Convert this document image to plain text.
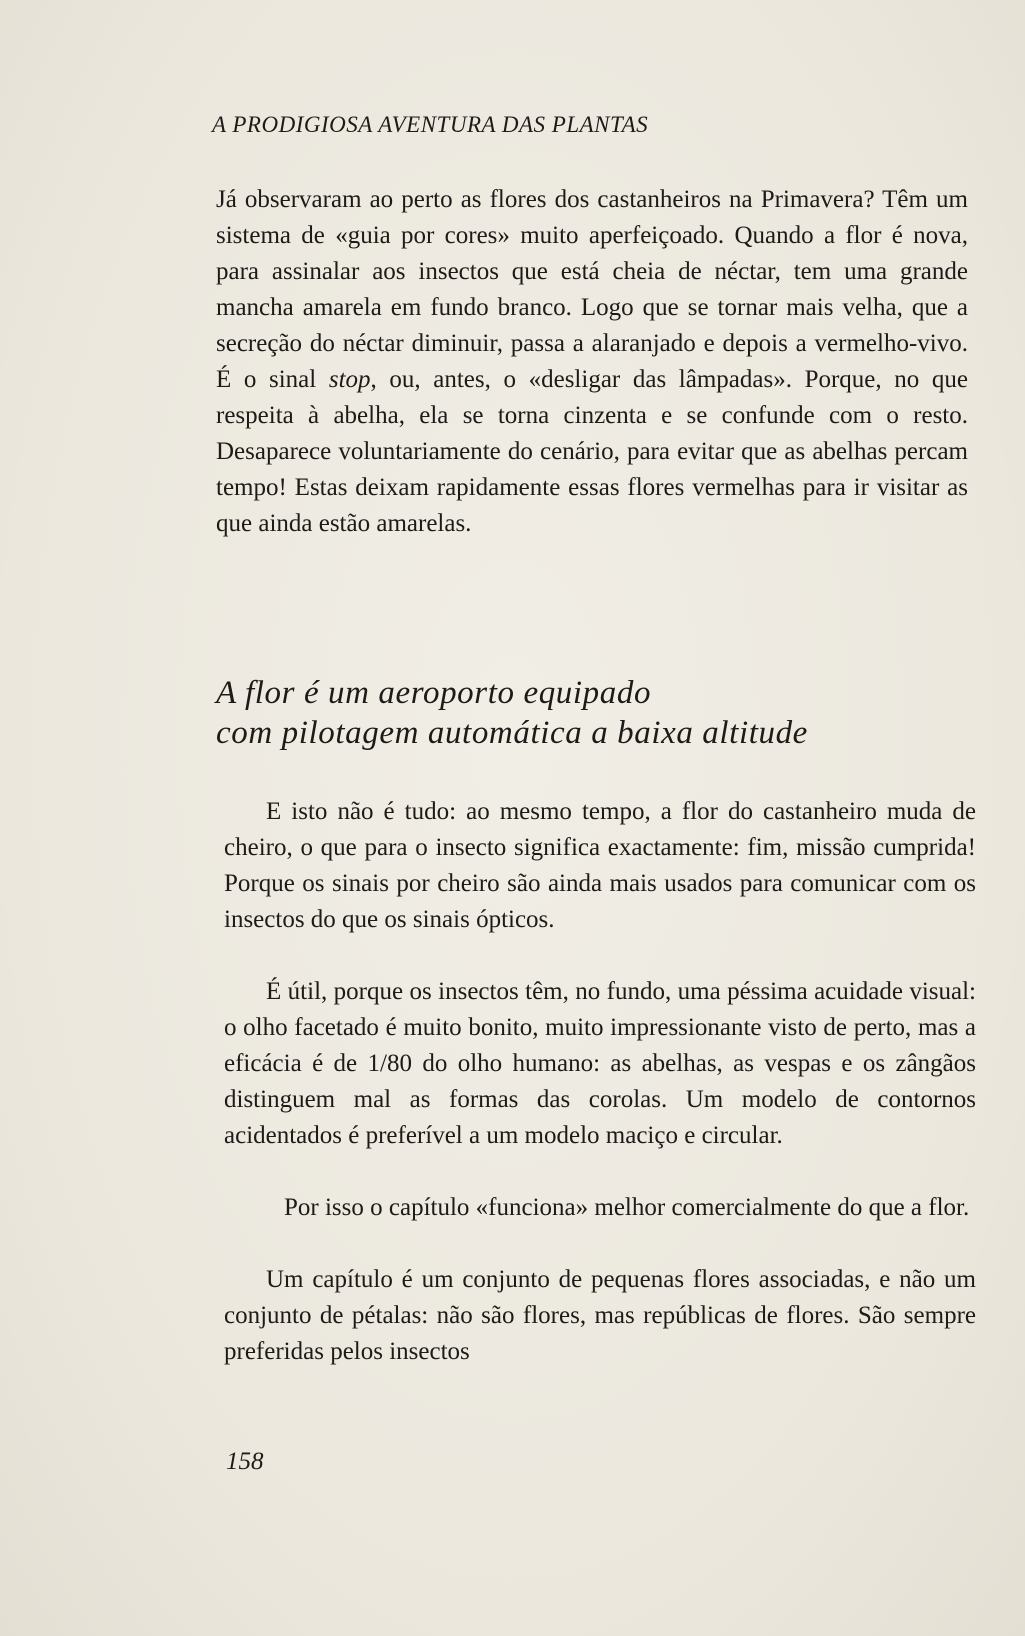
A PRODIGIOSA AVENTURA DAS PLANTAS

Já observaram ao perto as flores dos castanheiros na Primavera? Têm um sistema de «guia por cores» muito aperfeiçoado. Quando a flor é nova, para assinalar aos insectos que está cheia de néctar, tem uma grande mancha amarela em fundo branco. Logo que se tornar mais velha, que a secreção do néctar diminuir, passa a alaranjado e depois a vermelho-vivo. É o sinal stop, ou, antes, o «desligar das lâmpadas». Porque, no que respeita à abelha, ela se torna cinzenta e se confunde com o resto. Desaparece voluntariamente do cenário, para evitar que as abelhas percam tempo! Estas deixam rapidamente essas flores vermelhas para ir visitar as que ainda estão amarelas.

A flor é um aeroporto equipado
com pilotagem automática a baixa altitude

E isto não é tudo: ao mesmo tempo, a flor do castanheiro muda de cheiro, o que para o insecto significa exactamente: fim, missão cumprida! Porque os sinais por cheiro são ainda mais usados para comunicar com os insectos do que os sinais ópticos.

É útil, porque os insectos têm, no fundo, uma péssima acuidade visual: o olho facetado é muito bonito, muito impressionante visto de perto, mas a eficácia é de 1/80 do olho humano: as abelhas, as vespas e os zângãos distinguem mal as formas das corolas. Um modelo de contornos acidentados é preferível a um modelo maciço e circular.

Por isso o capítulo «funciona» melhor comercialmente do que a flor.

Um capítulo é um conjunto de pequenas flores associadas, e não um conjunto de pétalas: não são flores, mas repúblicas de flores. São sempre preferidas pelos insectos

158
